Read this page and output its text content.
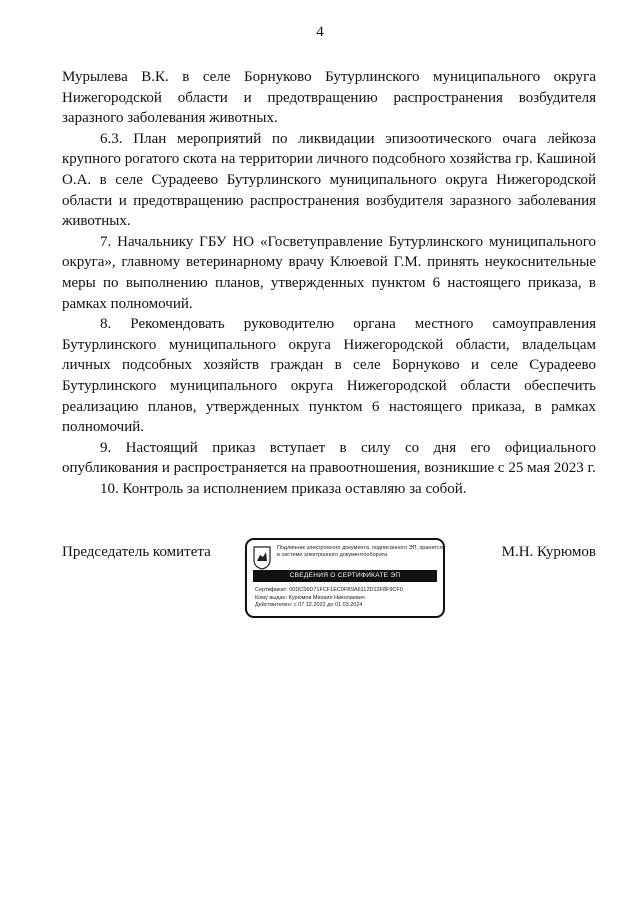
4

Мурылева В.К. в селе Борнуково Бутурлинского муниципального округа Нижегородской области и предотвращению распространения возбудителя заразного заболевания животных.

6.3. План мероприятий по ликвидации эпизоотического очага лейкоза крупного рогатого скота на территории личного подсобного хозяйства гр. Кашиной О.А. в селе Сурадеево Бутурлинского муниципального округа Нижегородской области и предотвращению распространения возбудителя заразного заболевания животных.

7. Начальнику ГБУ НО «Госветуправление Бутурлинского муниципального округа», главному ветеринарному врачу Клюевой Г.М. принять неукоснительные меры по выполнению планов, утвержденных пунктом 6 настоящего приказа, в рамках полномочий.

8. Рекомендовать руководителю органа местного самоуправления Бутурлинского муниципального округа Нижегородской области, владельцам личных подсобных хозяйств граждан в селе Борнуково и селе Сурадеево Бутурлинского муниципального округа Нижегородской области обеспечить реализацию планов, утвержденных пунктом 6 настоящего приказа, в рамках полномочий.

9. Настоящий приказ вступает в силу со дня его официального опубликования и распространяется на правоотношения, возникшие с 25 мая 2023 г.

10. Контроль за исполнением приказа оставляю за собой.

Председатель комитета	Подлинник электронного документа, подписанного ЭП, хранится в системе электронного документооборота
СВЕДЕНИЯ О СЕРТИФИКАТЕ ЭП
Сертификат: 00DC56D71FCF1EC0FB9A6112D12F8F9CF0
Кому выдан: Курюмов Михаил Николаевич
Действителен: с 07.12.2022 до 01.03.2024
М.Н. Курюмов
